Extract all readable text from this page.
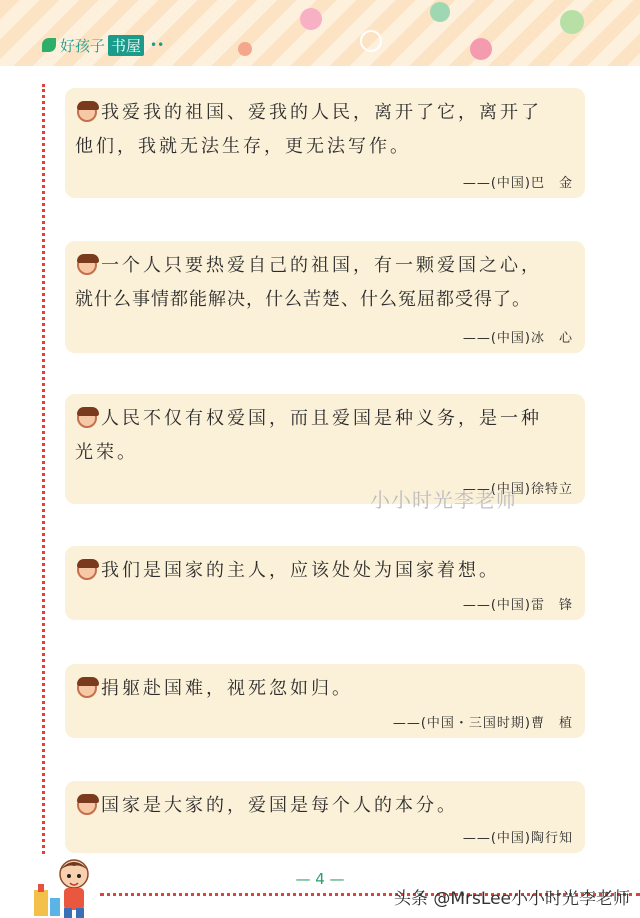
好孩子 书屋 ••

我爱我的祖国、爱我的人民，离开了它，离开了

他们，我就无法生存，更无法写作。

——(中国)巴　金

一个人只要热爱自己的祖国，有一颗爱国之心，

就什么事情都能解决，什么苦楚、什么冤屈都受得了。

——(中国)冰　心

人民不仅有权爱国，而且爱国是种义务，是一种

光荣。

——(中国)徐特立

我们是国家的主人，应该处处为国家着想。

——(中国)雷　锋

捐躯赴国难，视死忽如归。

——(中国・三国时期)曹　植

国家是大家的，爱国是每个人的本分。

——(中国)陶行知
小小时光李老师
— 4 —
头条 @MrsLee小小时光李老师
